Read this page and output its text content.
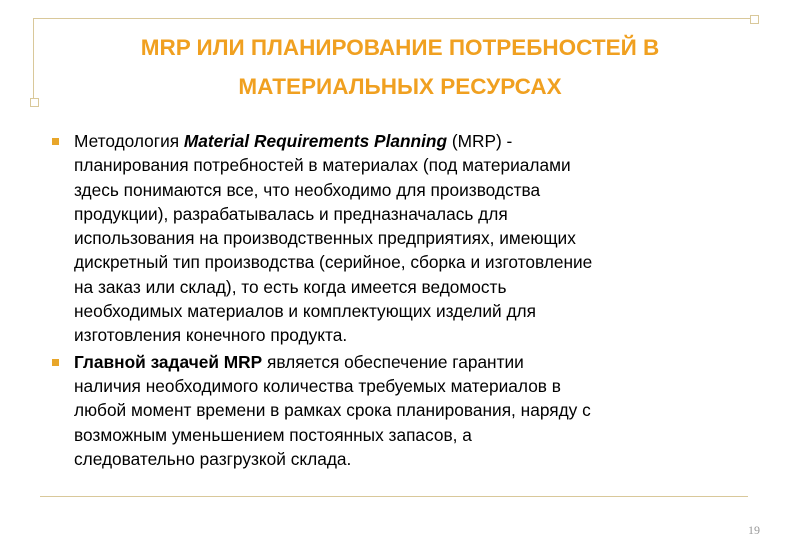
MRP ИЛИ ПЛАНИРОВАНИЕ ПОТРЕБНОСТЕЙ В
МАТЕРИАЛЬНЫХ РЕСУРСАХ
Методология Material Requirements Planning (MRP) -
планирования потребностей в материалах (под материалами
здесь понимаются все, что необходимо для производства
продукции), разрабатывалась и предназначалась для
использования на производственных предприятиях, имеющих
дискретный тип производства (серийное, сборка и изготовление
на заказ или склад), то есть когда имеется ведомость
необходимых материалов и комплектующих изделий для
изготовления конечного продукта.
Главной задачей MRP является обеспечение гарантии
наличия необходимого количества требуемых материалов в
любой момент времени в рамках срока планирования, наряду с
возможным уменьшением постоянных запасов, а
следовательно разгрузкой склада.
19
